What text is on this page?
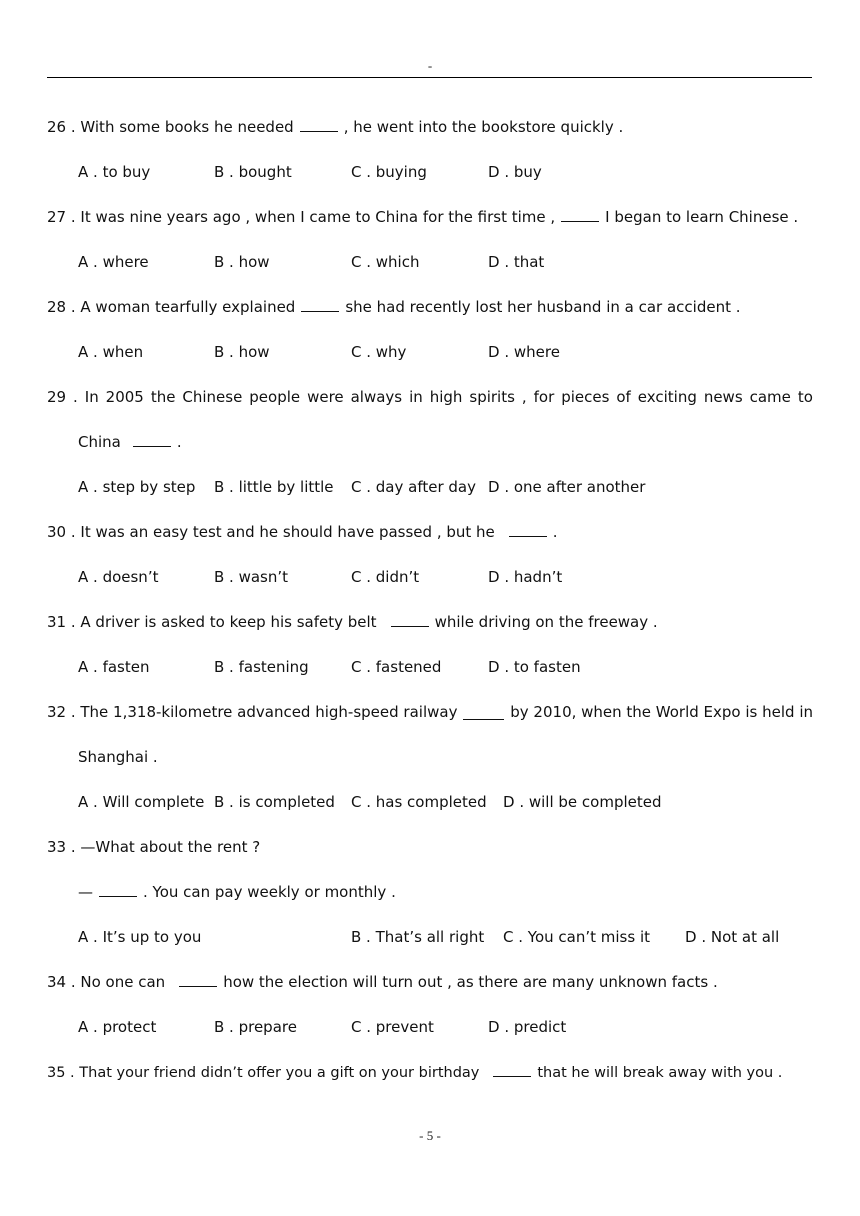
-
26 . With some books he needed	, he went into the bookstore quickly .
A . to buy	B . bought	C . buying	D . buy
27 . It was nine years ago , when I came to China for the first time ,	I began to learn Chinese .
A . where	B . how	C . which	D . that
28 . A woman tearfully explained	she had recently lost her husband in a car accident .
A . when	B . how	C . why	D . where
29 . In 2005 the Chinese people were always in high spirits , for pieces of exciting news came to
China	.
A . step by step B . little by little C . day after day D . one after another
30 . It was an easy test and he should have passed , but he	.
A . doesn’t	B . wasn’t	C . didn’t	D . hadn’t
31 . A driver is asked to keep his safety belt	while driving on the freeway .
A . fasten	B . fastening	C . fastened	D . to fasten
32 . The 1,318-kilometre advanced high-speed railway	by 2010, when the World Expo is held in
Shanghai .
A . Will complete B . is completed C . has completed D . will be completed
33 . —What about the rent ?
—	. You can pay weekly or monthly .
A . It’s up to you	B . That’s all right C . You can’t miss it D . Not at all
34 . No one can	how the election will turn out , as there are many unknown facts .
A . protect	B . prepare	C . prevent	D . predict
35 . That your friend didn’t offer you a gift on your birthday	that he will break away with you .
- 5 -
